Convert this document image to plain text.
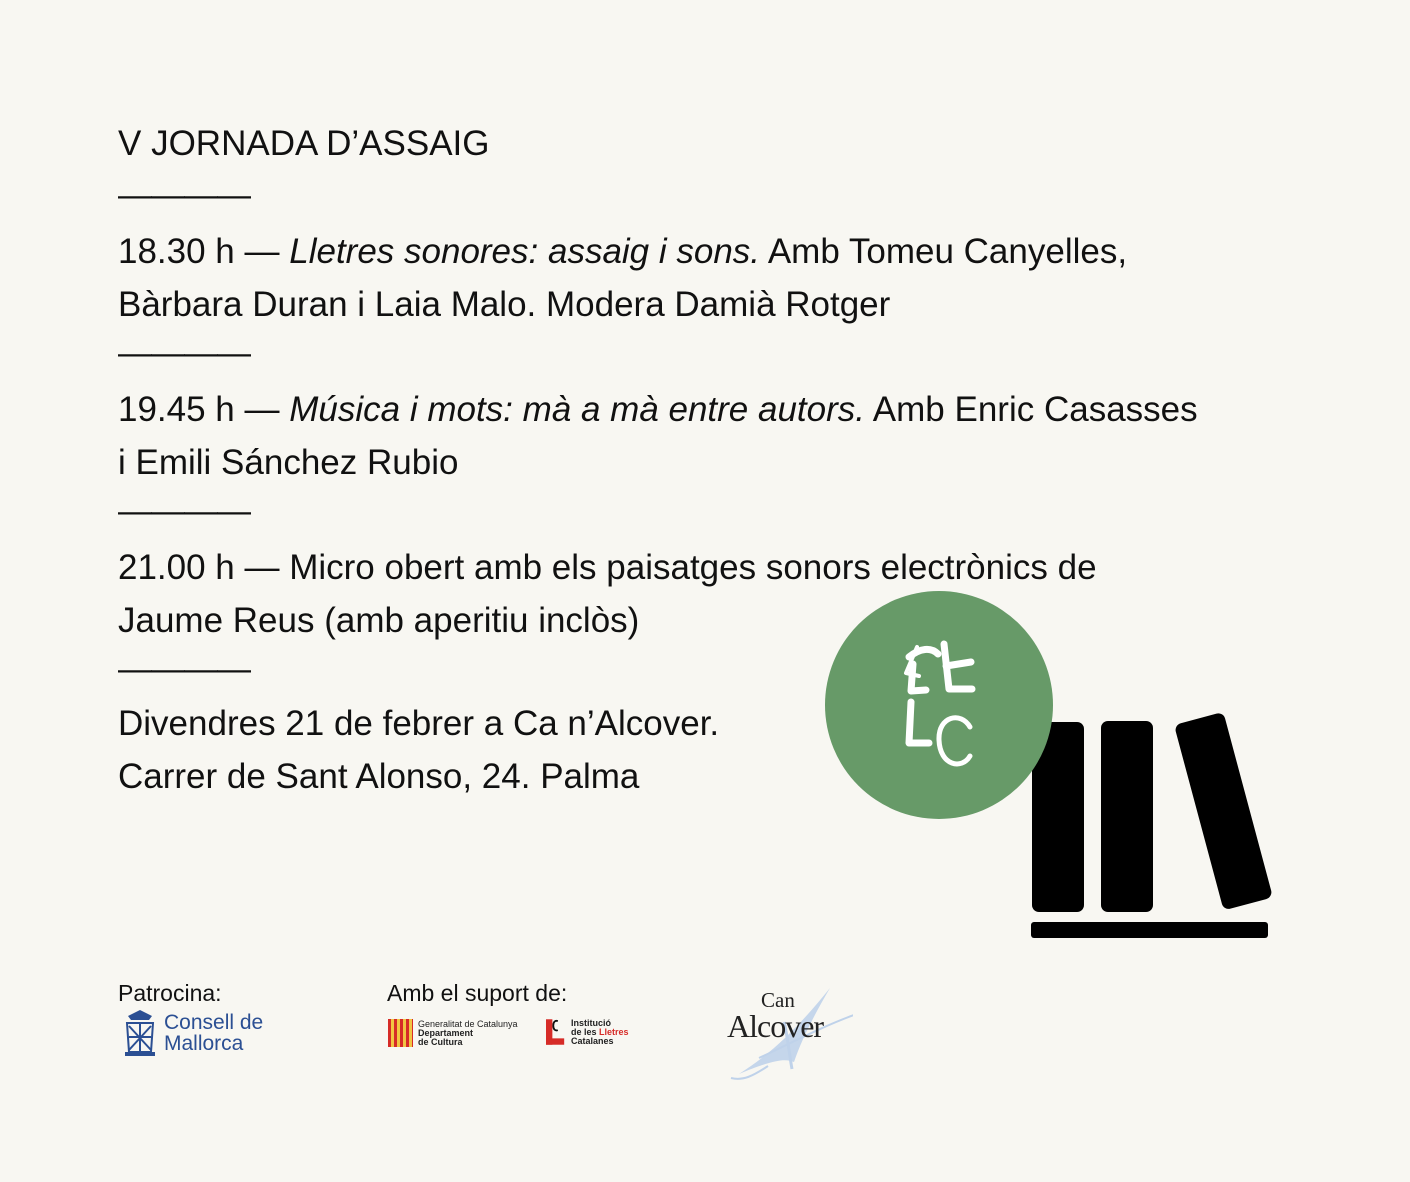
V JORNADA D’ASSAIG
————
18.30 h — Lletres sonores: assaig i sons. Amb Tomeu Canyelles,
Bàrbara Duran i Laia Malo. Modera Damià Rotger
————
19.45 h — Música i mots: mà a mà entre autors. Amb Enric Casasses
i Emili Sánchez Rubio
————
21.00 h — Micro obert amb els paisatges sonors electrònics de
Jaume Reus (amb aperitiu inclòs)
————
Divendres 21 de febrer a Ca n’Alcover.
Carrer de Sant Alonso, 24. Palma
Patrocina:	Amb el suport de:
Consell de
Mallorca
Generalitat de Catalunya
Departament
de Cultura
Institució
de les Lletres
Catalanes
Can
Alcover
